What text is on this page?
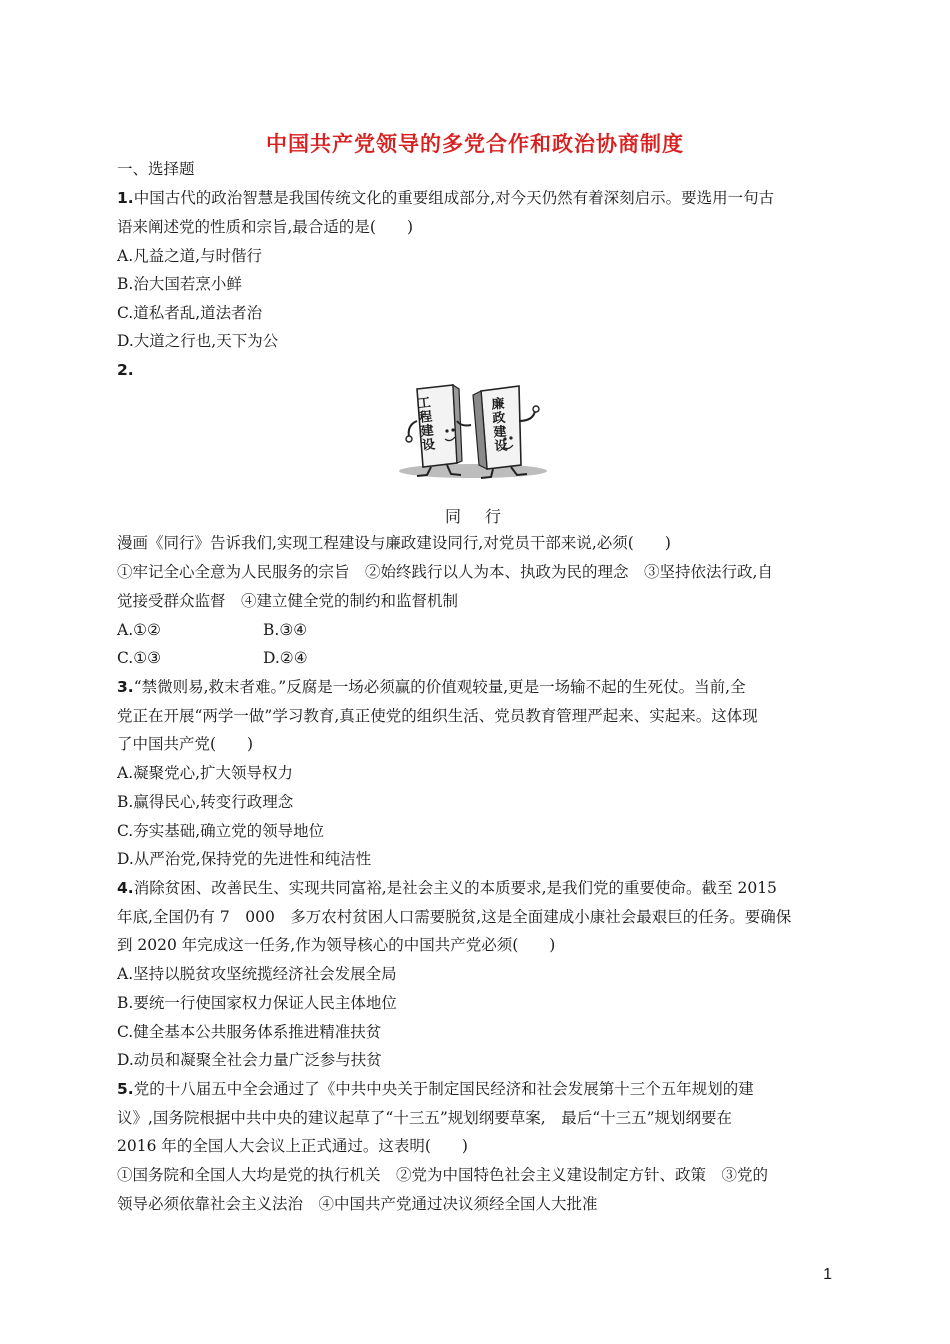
中国共产党领导的多党合作和政治协商制度
一、选择题
1.中国古代的政治智慧是我国传统文化的重要组成部分,对今天仍然有着深刻启示。要选用一句古
语来阐述党的性质和宗旨,最合适的是(　　)
A.凡益之道,与时偕行
B.治大国若烹小鲜
C.道私者乱,道法者治
D.大道之行也,天下为公
2.
工程建设
廉政建设
同　行
漫画《同行》告诉我们,实现工程建设与廉政建设同行,对党员干部来说,必须(　　)
①牢记全心全意为人民服务的宗旨　②始终践行以人为本、执政为民的理念　③坚持依法行政,自
觉接受群众监督　④建立健全党的制约和监督机制
A.①②	B.③④
C.①③	D.②④
3.“禁微则易,救末者难。”反腐是一场必须赢的价值观较量,更是一场输不起的生死仗。当前,全
党正在开展“两学一做”学习教育,真正使党的组织生活、党员教育管理严起来、实起来。这体现
了中国共产党(　　)
A.凝聚党心,扩大领导权力
B.赢得民心,转变行政理念
C.夯实基础,确立党的领导地位
D.从严治党,保持党的先进性和纯洁性
4.消除贫困、改善民生、实现共同富裕,是社会主义的本质要求,是我们党的重要使命。截至 2015
年底,全国仍有 7　000　多万农村贫困人口需要脱贫,这是全面建成小康社会最艰巨的任务。要确保
到 2020 年完成这一任务,作为领导核心的中国共产党必须(　　)
A.坚持以脱贫攻坚统揽经济社会发展全局
B.要统一行使国家权力保证人民主体地位
C.健全基本公共服务体系推进精准扶贫
D.动员和凝聚全社会力量广泛参与扶贫
5.党的十八届五中全会通过了《中共中央关于制定国民经济和社会发展第十三个五年规划的建
议》,国务院根据中共中央的建议起草了“十三五”规划纲要草案,　最后“十三五”规划纲要在
2016 年的全国人大会议上正式通过。这表明(　　)
①国务院和全国人大均是党的执行机关　②党为中国特色社会主义建设制定方针、政策　③党的
领导必须依靠社会主义法治　④中国共产党通过决议须经全国人大批准
1
